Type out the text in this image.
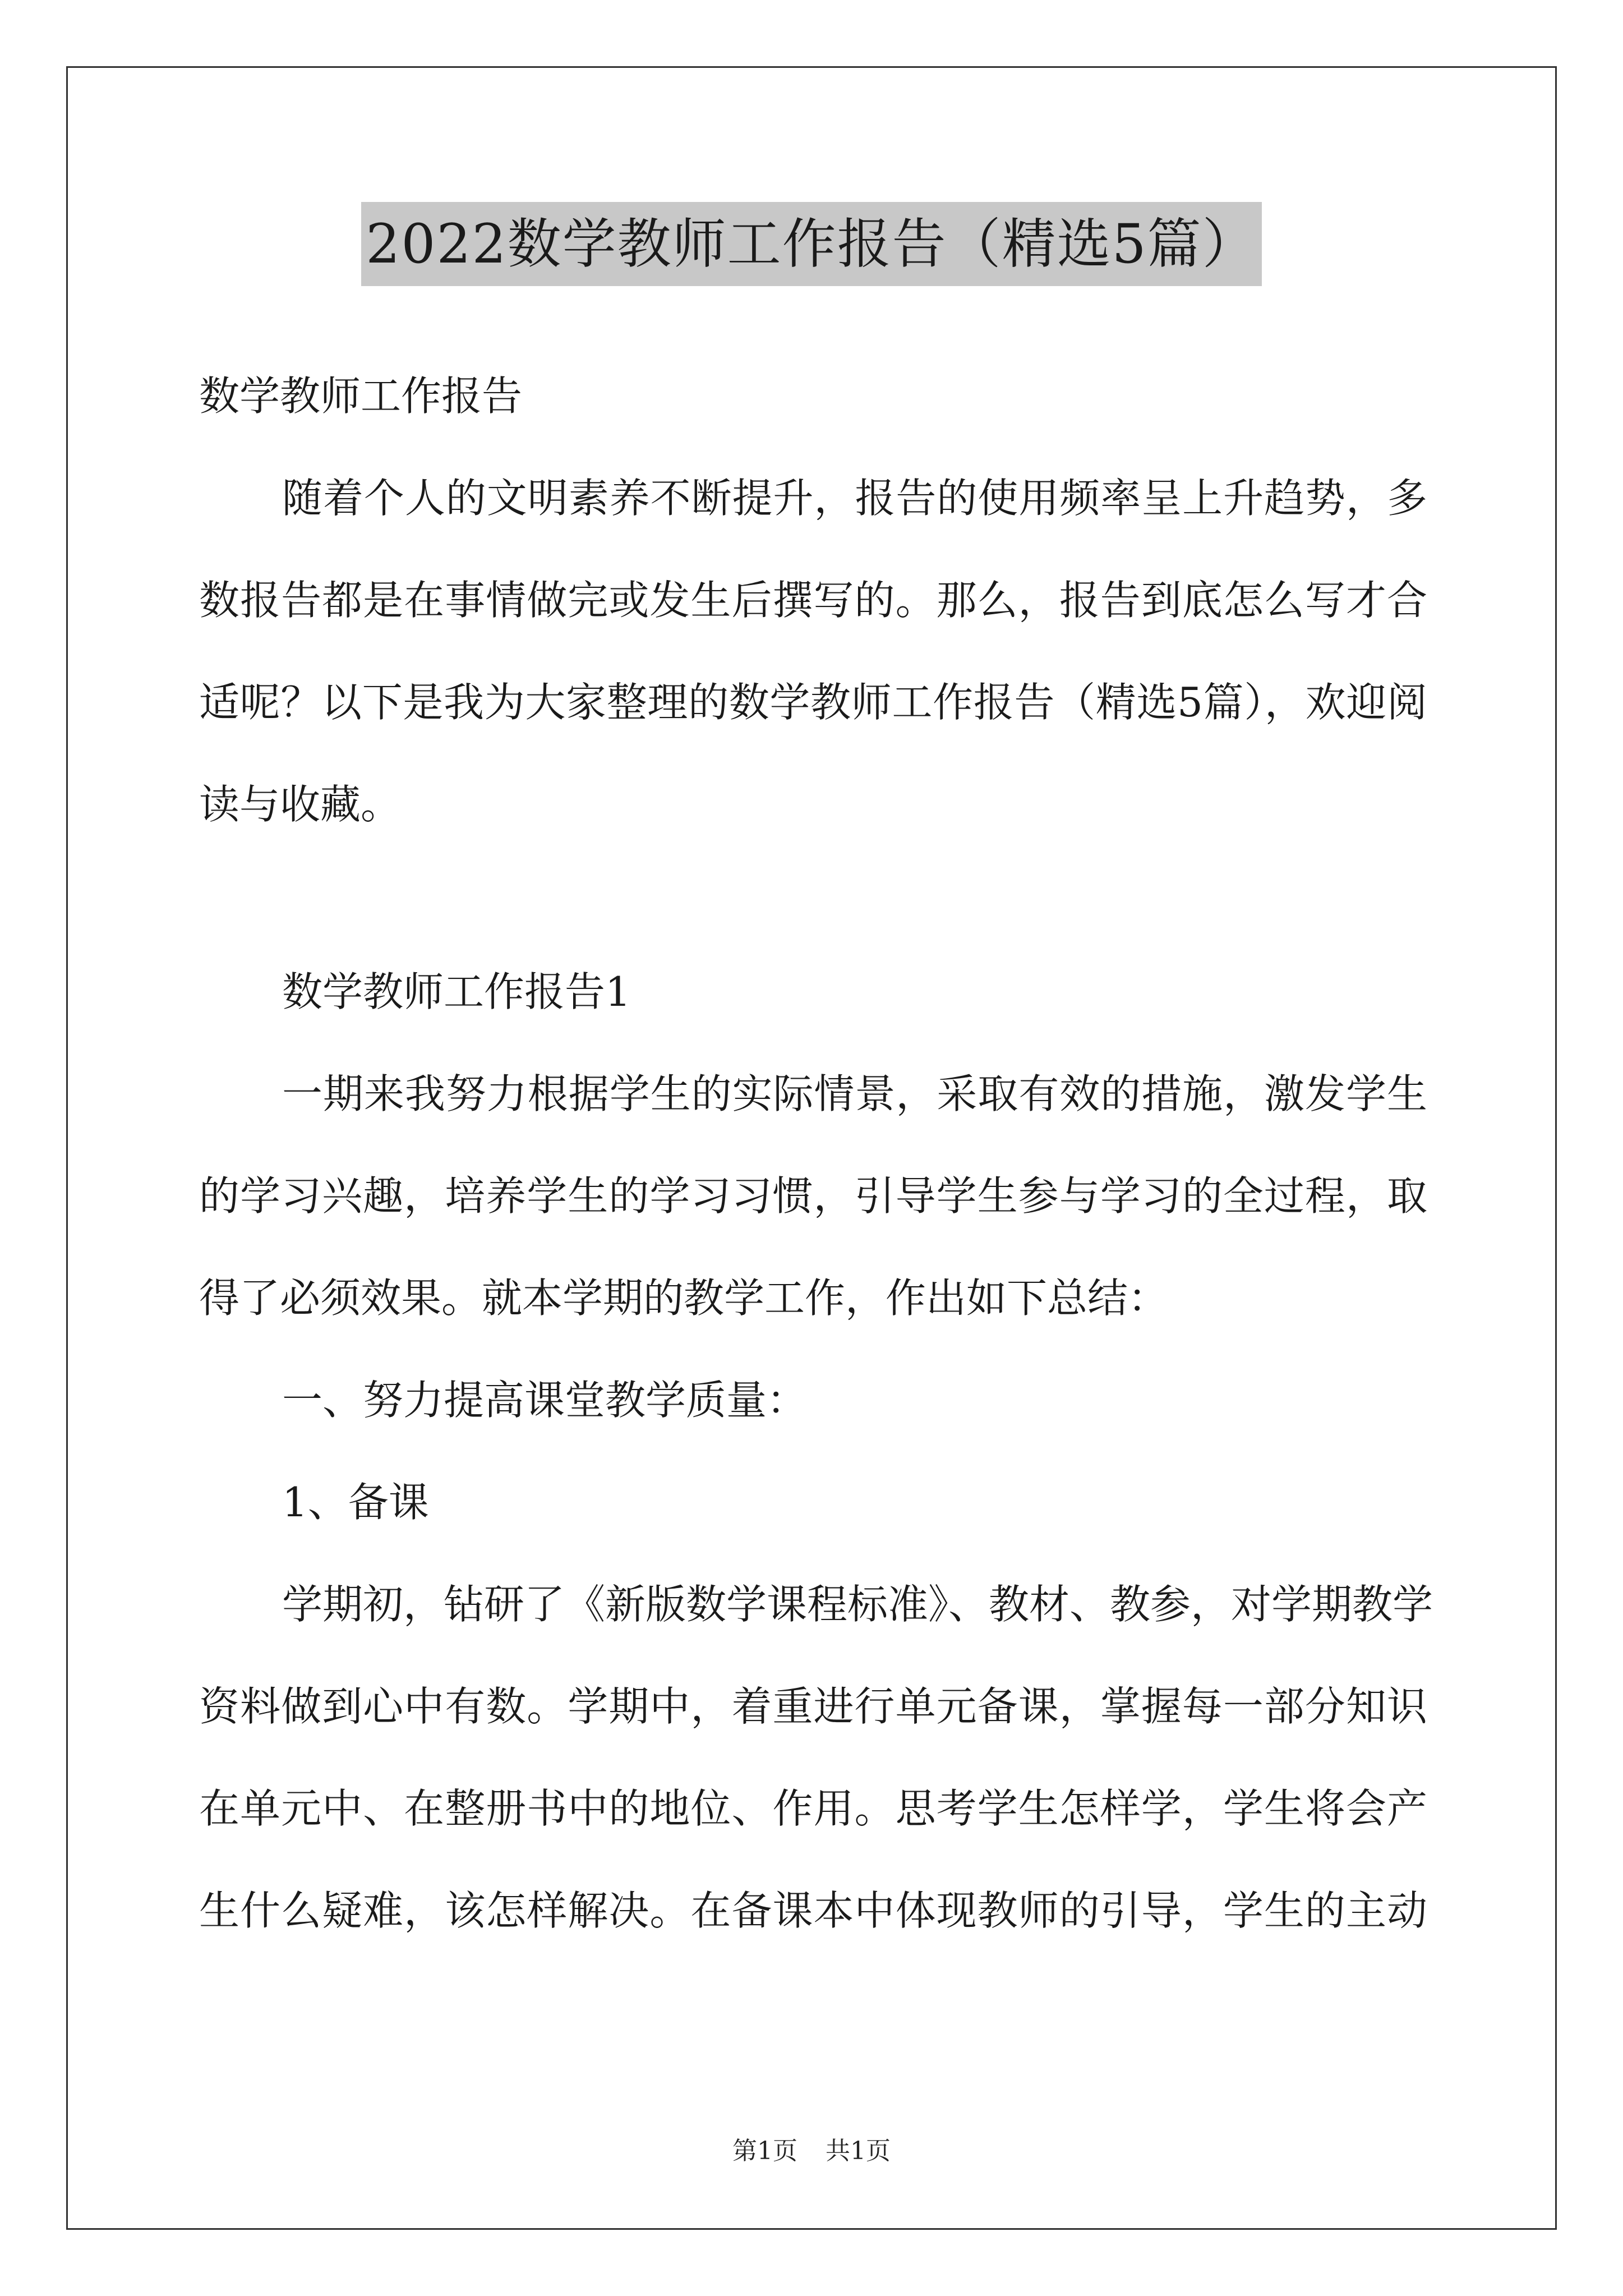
2022数学教师工作报告（精选5篇）
数学教师工作报告
随着个人的文明素养不断提升，报告的使用频率呈上升趋势，多
数报告都是在事情做完或发生后撰写的。那么，报告到底怎么写才合
适呢？以下是我为大家整理的数学教师工作报告（精选5篇），欢迎阅
读与收藏。
数学教师工作报告1
一期来我努力根据学生的实际情景，采取有效的措施，激发学生
的学习兴趣，培养学生的学习习惯，引导学生参与学习的全过程，取
得了必须效果。就本学期的教学工作，作出如下总结：
一、努力提高课堂教学质量：
1、备课
学期初，钻研了《新版数学课程标准》、教材、教参，对学期教学
资料做到心中有数。学期中，着重进行单元备课，掌握每一部分知识
在单元中、在整册书中的地位、作用。思考学生怎样学，学生将会产
生什么疑难，该怎样解决。在备课本中体现教师的引导，学生的主动
第1页 共1页
